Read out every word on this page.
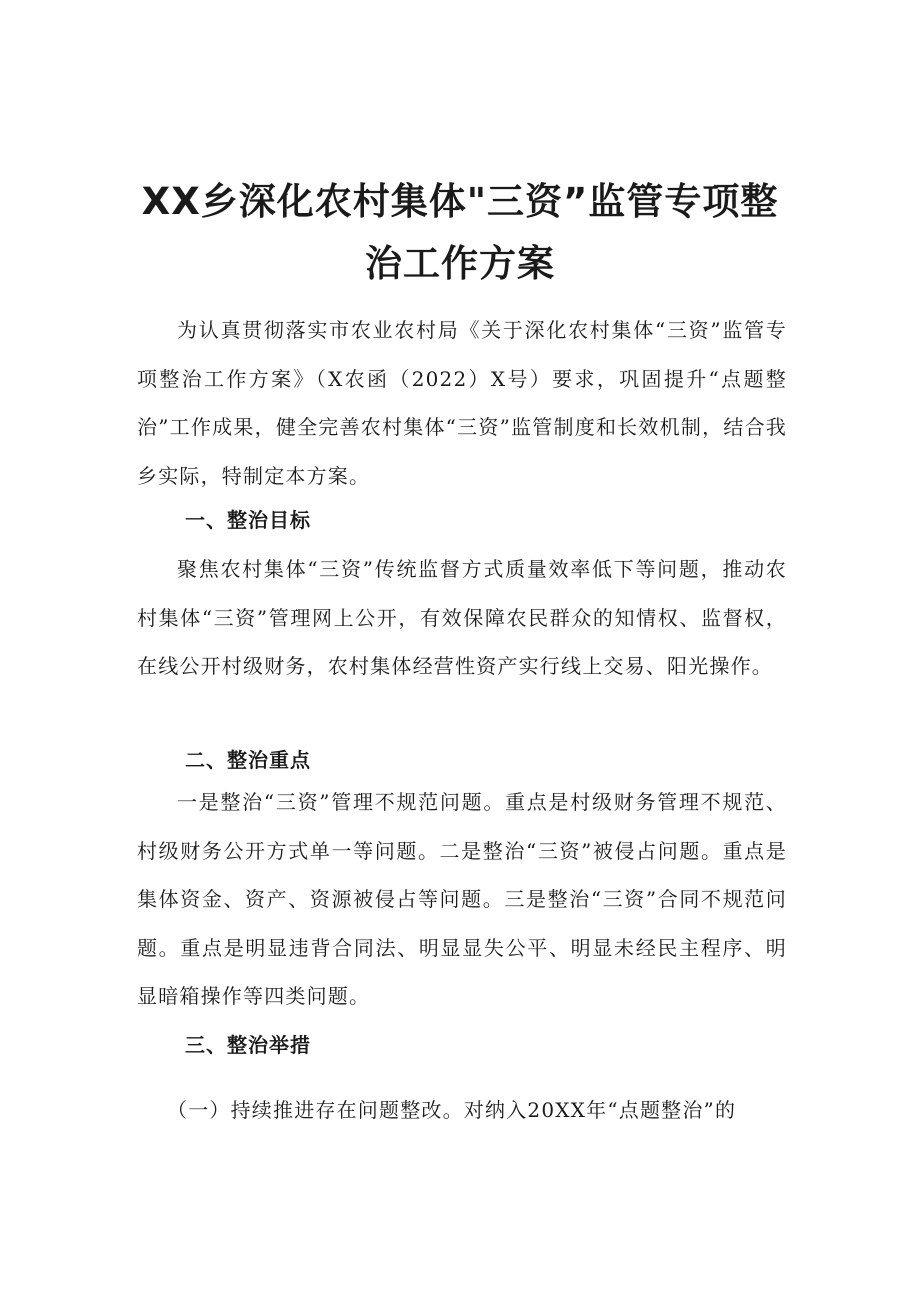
XX乡深化农村集体"三资”监管专项整
治工作方案

为认真贯彻落实市农业农村局《关于深化农村集体“三资”监管专项整治工作方案》（X农函（2022）X号）要求，巩固提升“点题整治”工作成果，健全完善农村集体“三资”监管制度和长效机制，结合我乡实际，特制定本方案。

一、整治目标

聚焦农村集体“三资”传统监督方式质量效率低下等问题，推动农村集体“三资”管理网上公开，有效保障农民群众的知情权、监督权，在线公开村级财务，农村集体经营性资产实行线上交易、阳光操作。

二、整治重点

一是整治“三资”管理不规范问题。重点是村级财务管理不规范、村级财务公开方式单一等问题。二是整治“三资”被侵占问题。重点是集体资金、资产、资源被侵占等问题。三是整治“三资”合同不规范问题。重点是明显违背合同法、明显显失公平、明显未经民主程序、明显暗箱操作等四类问题。

三、整治举措

（一）持续推进存在问题整改。对纳入20XX年“点题整治”的
